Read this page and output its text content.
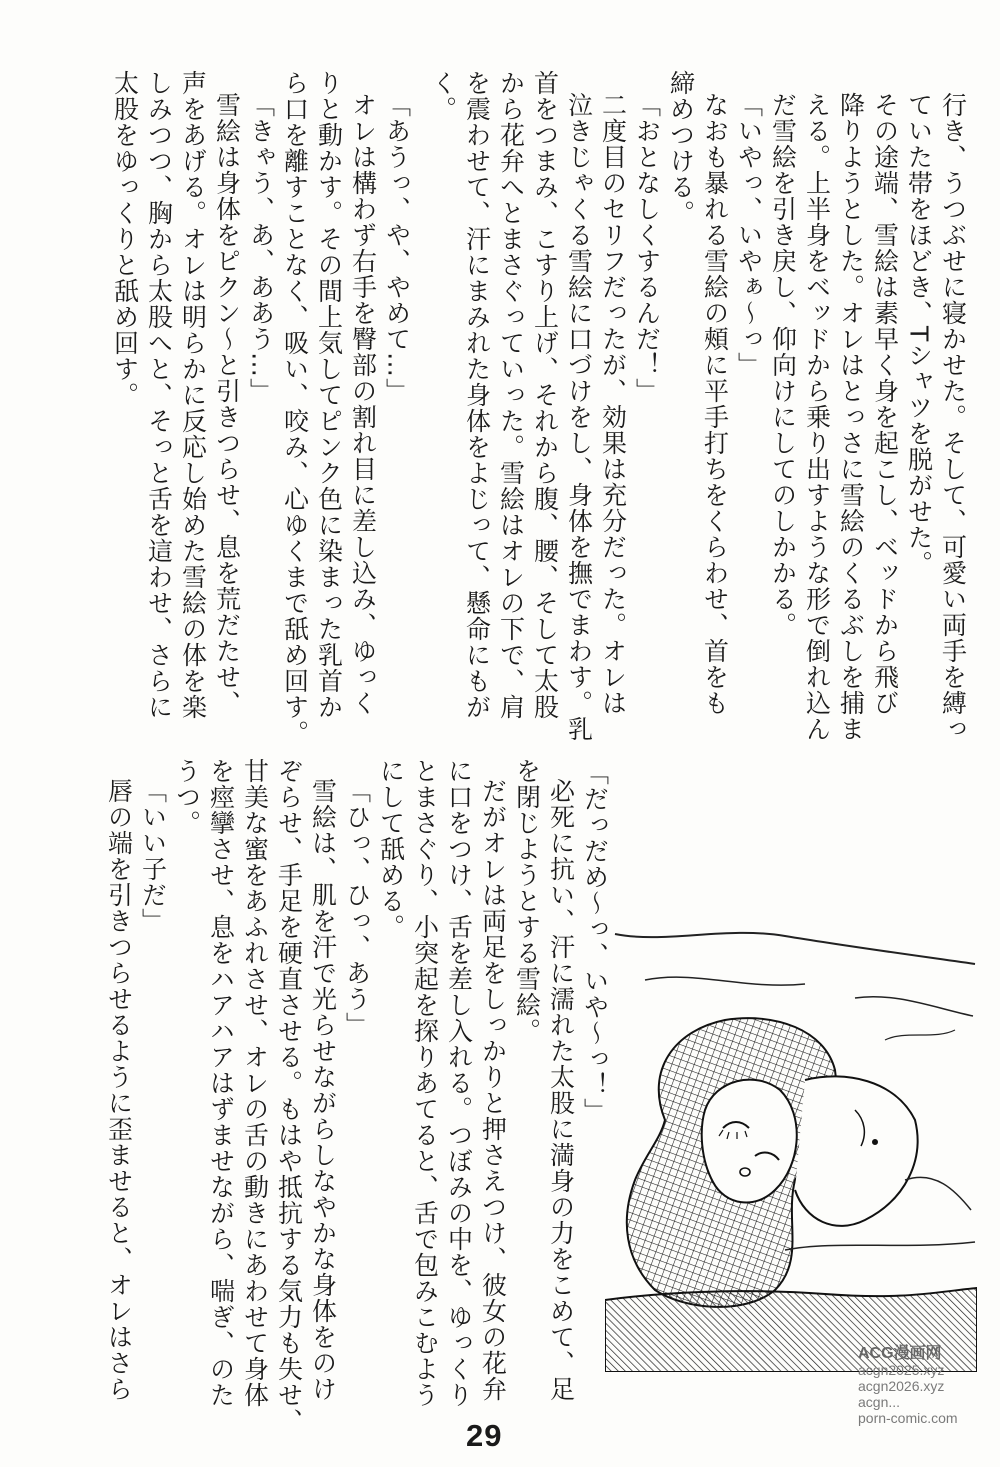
行き、うつぶせに寝かせた。そして、可愛い両手を縛っ
ていた帯をほどき、Tシャツを脱がせた。
その途端、雪絵は素早く身を起こし、ベッドから飛び
降りようとした。オレはとっさに雪絵のくるぶしを捕ま
える。上半身をベッドから乗り出すような形で倒れ込ん
だ雪絵を引き戻し、仰向けにしてのしかかる。
「いやっ、いやぁ～っ」
なおも暴れる雪絵の頰に平手打ちをくらわせ、首をも
締めつける。
「おとなしくするんだ！」
二度目のセリフだったが、効果は充分だった。オレは
泣きじゃくる雪絵に口づけをし、身体を撫でまわす。乳
首をつまみ、こすり上げ、それから腹、腰、そして太股
から花弁へとまさぐっていった。雪絵はオレの下で、肩
を震わせて、汗にまみれた身体をよじって、懸命にもが
く。
「あうっ、や、やめて…」
オレは構わず右手を臀部の割れ目に差し込み、ゆっく
りと動かす。その間上気してピンク色に染まった乳首か
ら口を離すことなく、吸い、咬み、心ゆくまで舐め回す。
「きゃう、あ、ああう…」
雪絵は身体をピクン～と引きつらせ、息を荒だたせ、
声をあげる。オレは明らかに反応し始めた雪絵の体を楽
しみつつ、胸から太股へと、そっと舌を這わせ、さらに
太股をゆっくりと舐め回す。
「だっだめ～っ、いや～っ！」
必死に抗い、汗に濡れた太股に満身の力をこめて、足
を閉じようとする雪絵。
だがオレは両足をしっかりと押さえつけ、彼女の花弁
に口をつけ、舌を差し入れる。つぼみの中を、ゆっくり
とまさぐり、小突起を探りあてると、舌で包みこむよう
にして舐める。
「ひっ、ひっ、あう」
雪絵は、肌を汗で光らせながらしなやかな身体をのけ
ぞらせ、手足を硬直させる。もはや抵抗する気力も失せ、
甘美な蜜をあふれさせ、オレの舌の動きにあわせて身体
を痙攣させ、息をハアハアはずませながら、喘ぎ、のた
うつ。
「いい子だ」
唇の端を引きつらせるように歪ませると、オレはさら
29
ACG漫画网
acgn2025.xyz
acgn2026.xyz
acgn...
porn-comic.com
